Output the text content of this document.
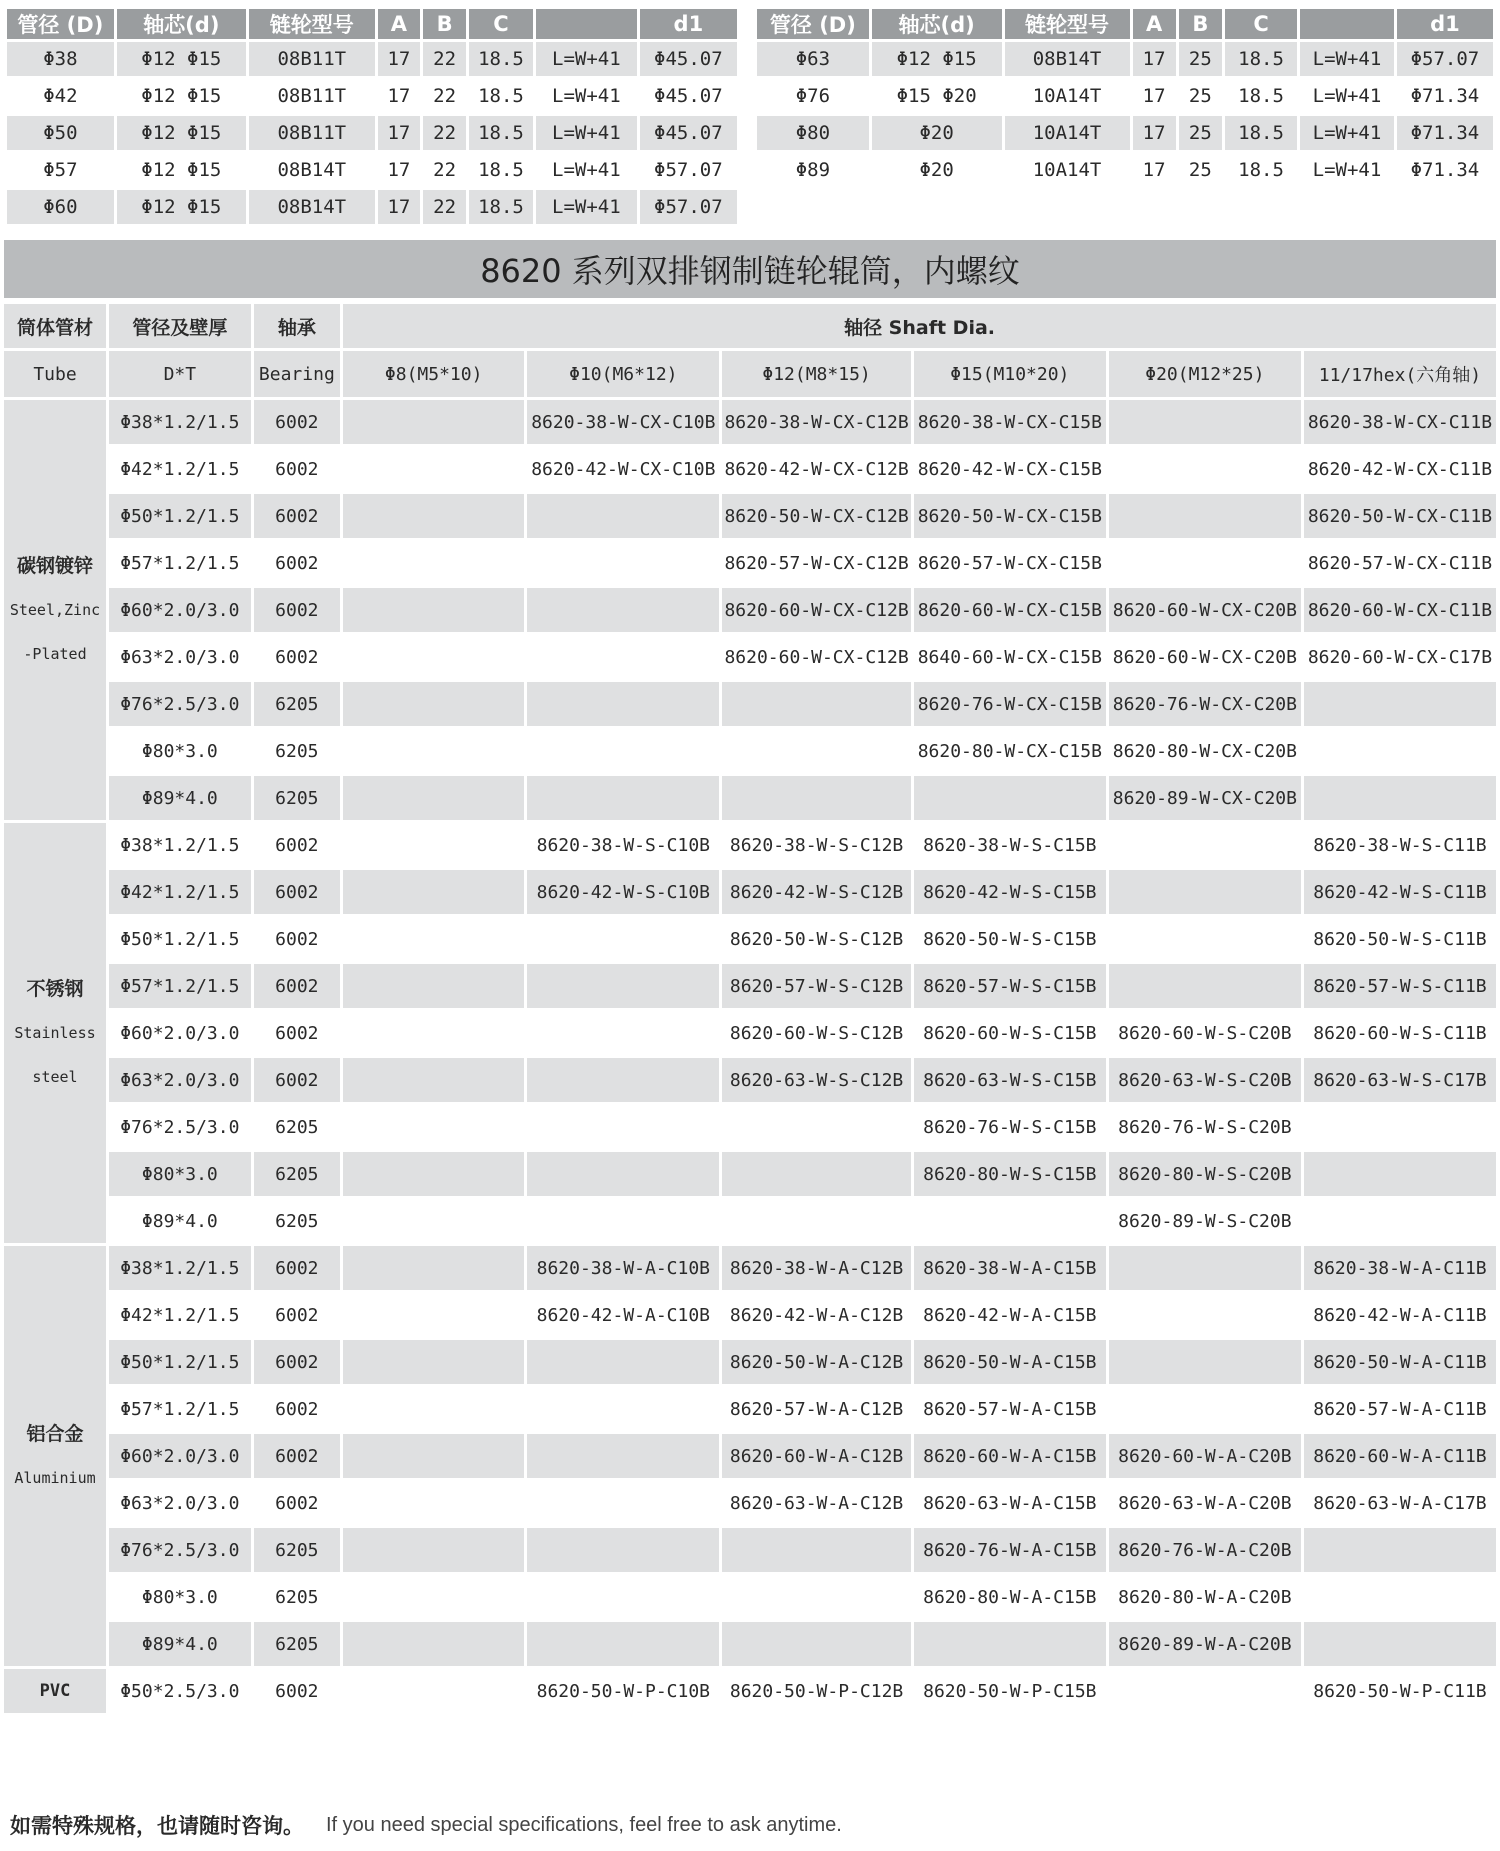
管径 (D)	轴芯(d)	链轮型号	A	B	C		d1
Φ38	Φ12 Φ15	08B11T	17	22	18.5	L=W+41	Φ45.07
Φ42	Φ12 Φ15	08B11T	17	22	18.5	L=W+41	Φ45.07
Φ50	Φ12 Φ15	08B11T	17	22	18.5	L=W+41	Φ45.07
Φ57	Φ12 Φ15	08B14T	17	22	18.5	L=W+41	Φ57.07
Φ60	Φ12 Φ15	08B14T	17	22	18.5	L=W+41	Φ57.07
管径 (D)	轴芯(d)	链轮型号	A	B	C		d1
Φ63	Φ12 Φ15	08B14T	17	25	18.5	L=W+41	Φ57.07
Φ76	Φ15 Φ20	10A14T	17	25	18.5	L=W+41	Φ71.34
Φ80	Φ20	10A14T	17	25	18.5	L=W+41	Φ71.34
Φ89	Φ20	10A14T	17	25	18.5	L=W+41	Φ71.34
8620 系列双排钢制链轮辊筒，内螺纹
筒体管材	管径及壁厚	轴承	轴径 Shaft Dia.					
Tube	D*T	Bearing	Φ8(M5*10)	Φ10(M6*12)	Φ12(M8*15)	Φ15(M10*20)	Φ20(M12*25)	11/17hex(六角轴)

碳钢镀锌
Steel,Zinc
-Plated	Φ38*1.2/1.5	6002		8620-38-W-CX-C10B	8620-38-W-CX-C12B	8620-38-W-CX-C15B		8620-38-W-CX-C11B
	Φ42*1.2/1.5	6002		8620-42-W-CX-C10B	8620-42-W-CX-C12B	8620-42-W-CX-C15B		8620-42-W-CX-C11B
	Φ50*1.2/1.5	6002			8620-50-W-CX-C12B	8620-50-W-CX-C15B		8620-50-W-CX-C11B
	Φ57*1.2/1.5	6002			8620-57-W-CX-C12B	8620-57-W-CX-C15B		8620-57-W-CX-C11B
	Φ60*2.0/3.0	6002			8620-60-W-CX-C12B	8620-60-W-CX-C15B	8620-60-W-CX-C20B	8620-60-W-CX-C11B
	Φ63*2.0/3.0	6002			8620-60-W-CX-C12B	8640-60-W-CX-C15B	8620-60-W-CX-C20B	8620-60-W-CX-C17B
	Φ76*2.5/3.0	6205				8620-76-W-CX-C15B	8620-76-W-CX-C20B	
	Φ80*3.0	6205				8620-80-W-CX-C15B	8620-80-W-CX-C20B	
	Φ89*4.0	6205					8620-89-W-CX-C20B	

不锈钢
Stainless
steel	Φ38*1.2/1.5	6002		8620-38-W-S-C10B	8620-38-W-S-C12B	8620-38-W-S-C15B		8620-38-W-S-C11B
	Φ42*1.2/1.5	6002		8620-42-W-S-C10B	8620-42-W-S-C12B	8620-42-W-S-C15B		8620-42-W-S-C11B
	Φ50*1.2/1.5	6002			8620-50-W-S-C12B	8620-50-W-S-C15B		8620-50-W-S-C11B
	Φ57*1.2/1.5	6002			8620-57-W-S-C12B	8620-57-W-S-C15B		8620-57-W-S-C11B
	Φ60*2.0/3.0	6002			8620-60-W-S-C12B	8620-60-W-S-C15B	8620-60-W-S-C20B	8620-60-W-S-C11B
	Φ63*2.0/3.0	6002			8620-63-W-S-C12B	8620-63-W-S-C15B	8620-63-W-S-C20B	8620-63-W-S-C17B
	Φ76*2.5/3.0	6205				8620-76-W-S-C15B	8620-76-W-S-C20B	
	Φ80*3.0	6205				8620-80-W-S-C15B	8620-80-W-S-C20B	
	Φ89*4.0	6205					8620-89-W-S-C20B	

铝合金
Aluminium	Φ38*1.2/1.5	6002		8620-38-W-A-C10B	8620-38-W-A-C12B	8620-38-W-A-C15B		8620-38-W-A-C11B
	Φ42*1.2/1.5	6002		8620-42-W-A-C10B	8620-42-W-A-C12B	8620-42-W-A-C15B		8620-42-W-A-C11B
	Φ50*1.2/1.5	6002			8620-50-W-A-C12B	8620-50-W-A-C15B		8620-50-W-A-C11B
	Φ57*1.2/1.5	6002			8620-57-W-A-C12B	8620-57-W-A-C15B		8620-57-W-A-C11B
	Φ60*2.0/3.0	6002			8620-60-W-A-C12B	8620-60-W-A-C15B	8620-60-W-A-C20B	8620-60-W-A-C11B
	Φ63*2.0/3.0	6002			8620-63-W-A-C12B	8620-63-W-A-C15B	8620-63-W-A-C20B	8620-63-W-A-C17B
	Φ76*2.5/3.0	6205				8620-76-W-A-C15B	8620-76-W-A-C20B	
	Φ80*3.0	6205				8620-80-W-A-C15B	8620-80-W-A-C20B	
	Φ89*4.0	6205					8620-89-W-A-C20B	

PVC	Φ50*2.5/3.0	6002		8620-50-W-P-C10B	8620-50-W-P-C12B	8620-50-W-P-C15B		8620-50-W-P-C11B
如需特殊规格，也请随时咨询。 If you need special specifications, feel free to ask anytime.
